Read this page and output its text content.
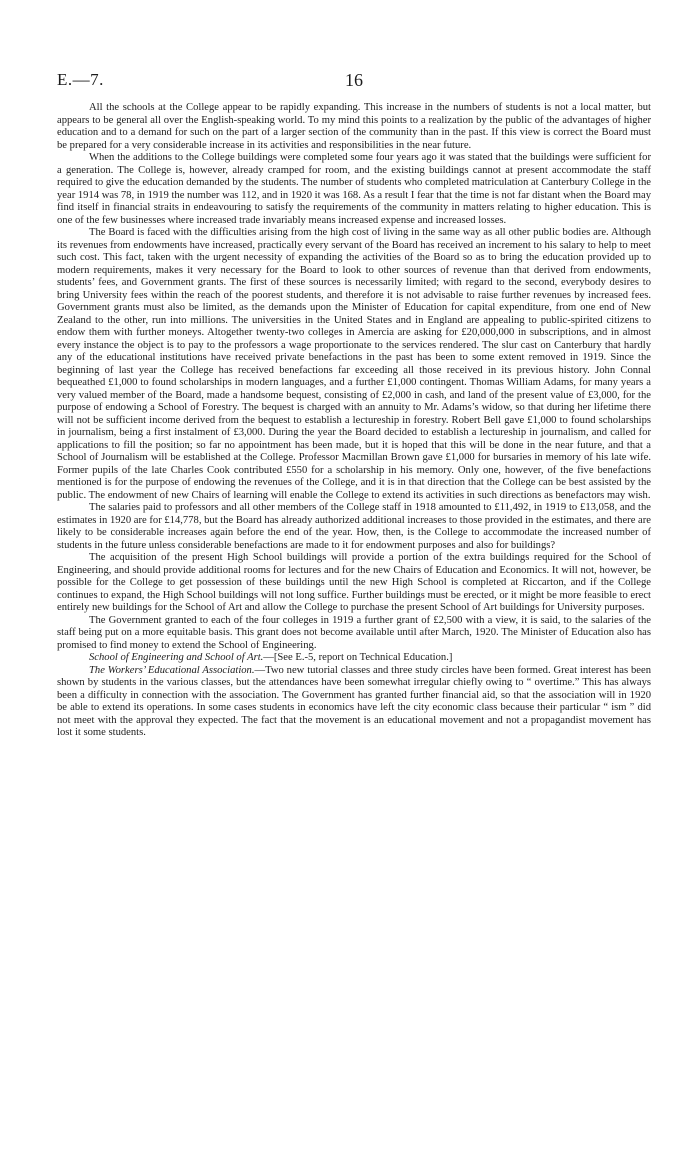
E.—7.	16

All the schools at the College appear to be rapidly expanding. This increase in the numbers of students is not a local matter, but appears to be general all over the English-speaking world. To my mind this points to a realization by the public of the advantages of higher education and to a demand for such on the part of a larger section of the community than in the past. If this view is correct the Board must be prepared for a very considerable increase in its activities and responsibilities in the near future.

When the additions to the College buildings were completed some four years ago it was stated that the buildings were sufficient for a generation. The College is, however, already cramped for room, and the existing buildings cannot at present accommodate the staff required to give the education demanded by the students. The number of students who completed matriculation at Canterbury College in the year 1914 was 78, in 1919 the number was 112, and in 1920 it was 168. As a result I fear that the time is not far distant when the Board may find itself in financial straits in endeavouring to satisfy the requirements of the community in matters relating to higher education. This is one of the few businesses where increased trade invariably means increased expense and increased losses.

The Board is faced with the difficulties arising from the high cost of living in the same way as all other public bodies are. Although its revenues from endowments have increased, practically every servant of the Board has received an increment to his salary to help to meet such cost. This fact, taken with the urgent necessity of expanding the activities of the Board so as to bring the education provided up to modern requirements, makes it very necessary for the Board to look to other sources of revenue than that derived from endowments, students’ fees, and Government grants. The first of these sources is necessarily limited; with regard to the second, everybody desires to bring University fees within the reach of the poorest students, and therefore it is not advisable to raise further revenues by increased fees. Government grants must also be limited, as the demands upon the Minister of Education for capital expenditure, from one end of New Zealand to the other, run into millions. The universities in the United States and in England are appealing to public-spirited citizens to endow them with further moneys. Altogether twenty-two colleges in Amercia are asking for £20,000,000 in subscriptions, and in almost every instance the object is to pay to the professors a wage proportionate to the services rendered. The slur cast on Canterbury that hardly any of the educational institutions have received private benefactions in the past has been to some extent removed in 1919. Since the beginning of last year the College has received benefactions far exceeding all those received in its previous history. John Connal bequeathed £1,000 to found scholarships in modern languages, and a further £1,000 contingent. Thomas William Adams, for many years a very valued member of the Board, made a handsome bequest, consisting of £2,000 in cash, and land of the present value of £3,000, for the purpose of endowing a School of Forestry. The bequest is charged with an annuity to Mr. Adams’s widow, so that during her lifetime there will not be sufficient income derived from the bequest to establish a lectureship in forestry. Robert Bell gave £1,000 to found scholarships in journalism, being a first instalment of £3,000. During the year the Board decided to establish a lectureship in journalism, and called for applications to fill the position; so far no appointment has been made, but it is hoped that this will be done in the near future, and that a School of Journalism will be established at the College. Professor Macmillan Brown gave £1,000 for bursaries in memory of his late wife. Former pupils of the late Charles Cook contributed £550 for a scholarship in his memory. Only one, however, of the five benefactions mentioned is for the purpose of endowing the revenues of the College, and it is in that direction that the College can be best assisted by the public. The endowment of new Chairs of learning will enable the College to extend its activities in such directions as benefactors may wish.

The salaries paid to professors and all other members of the College staff in 1918 amounted to £11,492, in 1919 to £13,058, and the estimates in 1920 are for £14,778, but the Board has already authorized additional increases to those provided in the estimates, and there are likely to be considerable increases again before the end of the year. How, then, is the College to accommodate the increased number of students in the future unless considerable benefactions are made to it for endowment purposes and also for buildings?

The acquisition of the present High School buildings will provide a portion of the extra buildings required for the School of Engineering, and should provide additional rooms for lectures and for the new Chairs of Education and Economics. It will not, however, be possible for the College to get possession of these buildings until the new High School is completed at Riccarton, and if the College continues to expand, the High School buildings will not long suffice. Further buildings must be erected, or it might be more feasible to erect entirely new buildings for the School of Art and allow the College to purchase the present School of Art buildings for University purposes.

The Government granted to each of the four colleges in 1919 a further grant of £2,500 with a view, it is said, to the salaries of the staff being put on a more equitable basis. This grant does not become available until after March, 1920. The Minister of Education also has promised to find money to extend the School of Engineering.

School of Engineering and School of Art.—[See E.-5, report on Technical Education.]

The Workers’ Educational Association.—Two new tutorial classes and three study circles have been formed. Great interest has been shown by students in the various classes, but the attendances have been somewhat irregular chiefly owing to “ overtime.” This has always been a difficulty in connection with the association. The Government has granted further financial aid, so that the association will in 1920 be able to extend its operations. In some cases students in economics have left the city economic class because their particular “ ism ” did not meet with the approval they expected. The fact that the movement is an educational movement and not a propagandist movement has lost it some students.
